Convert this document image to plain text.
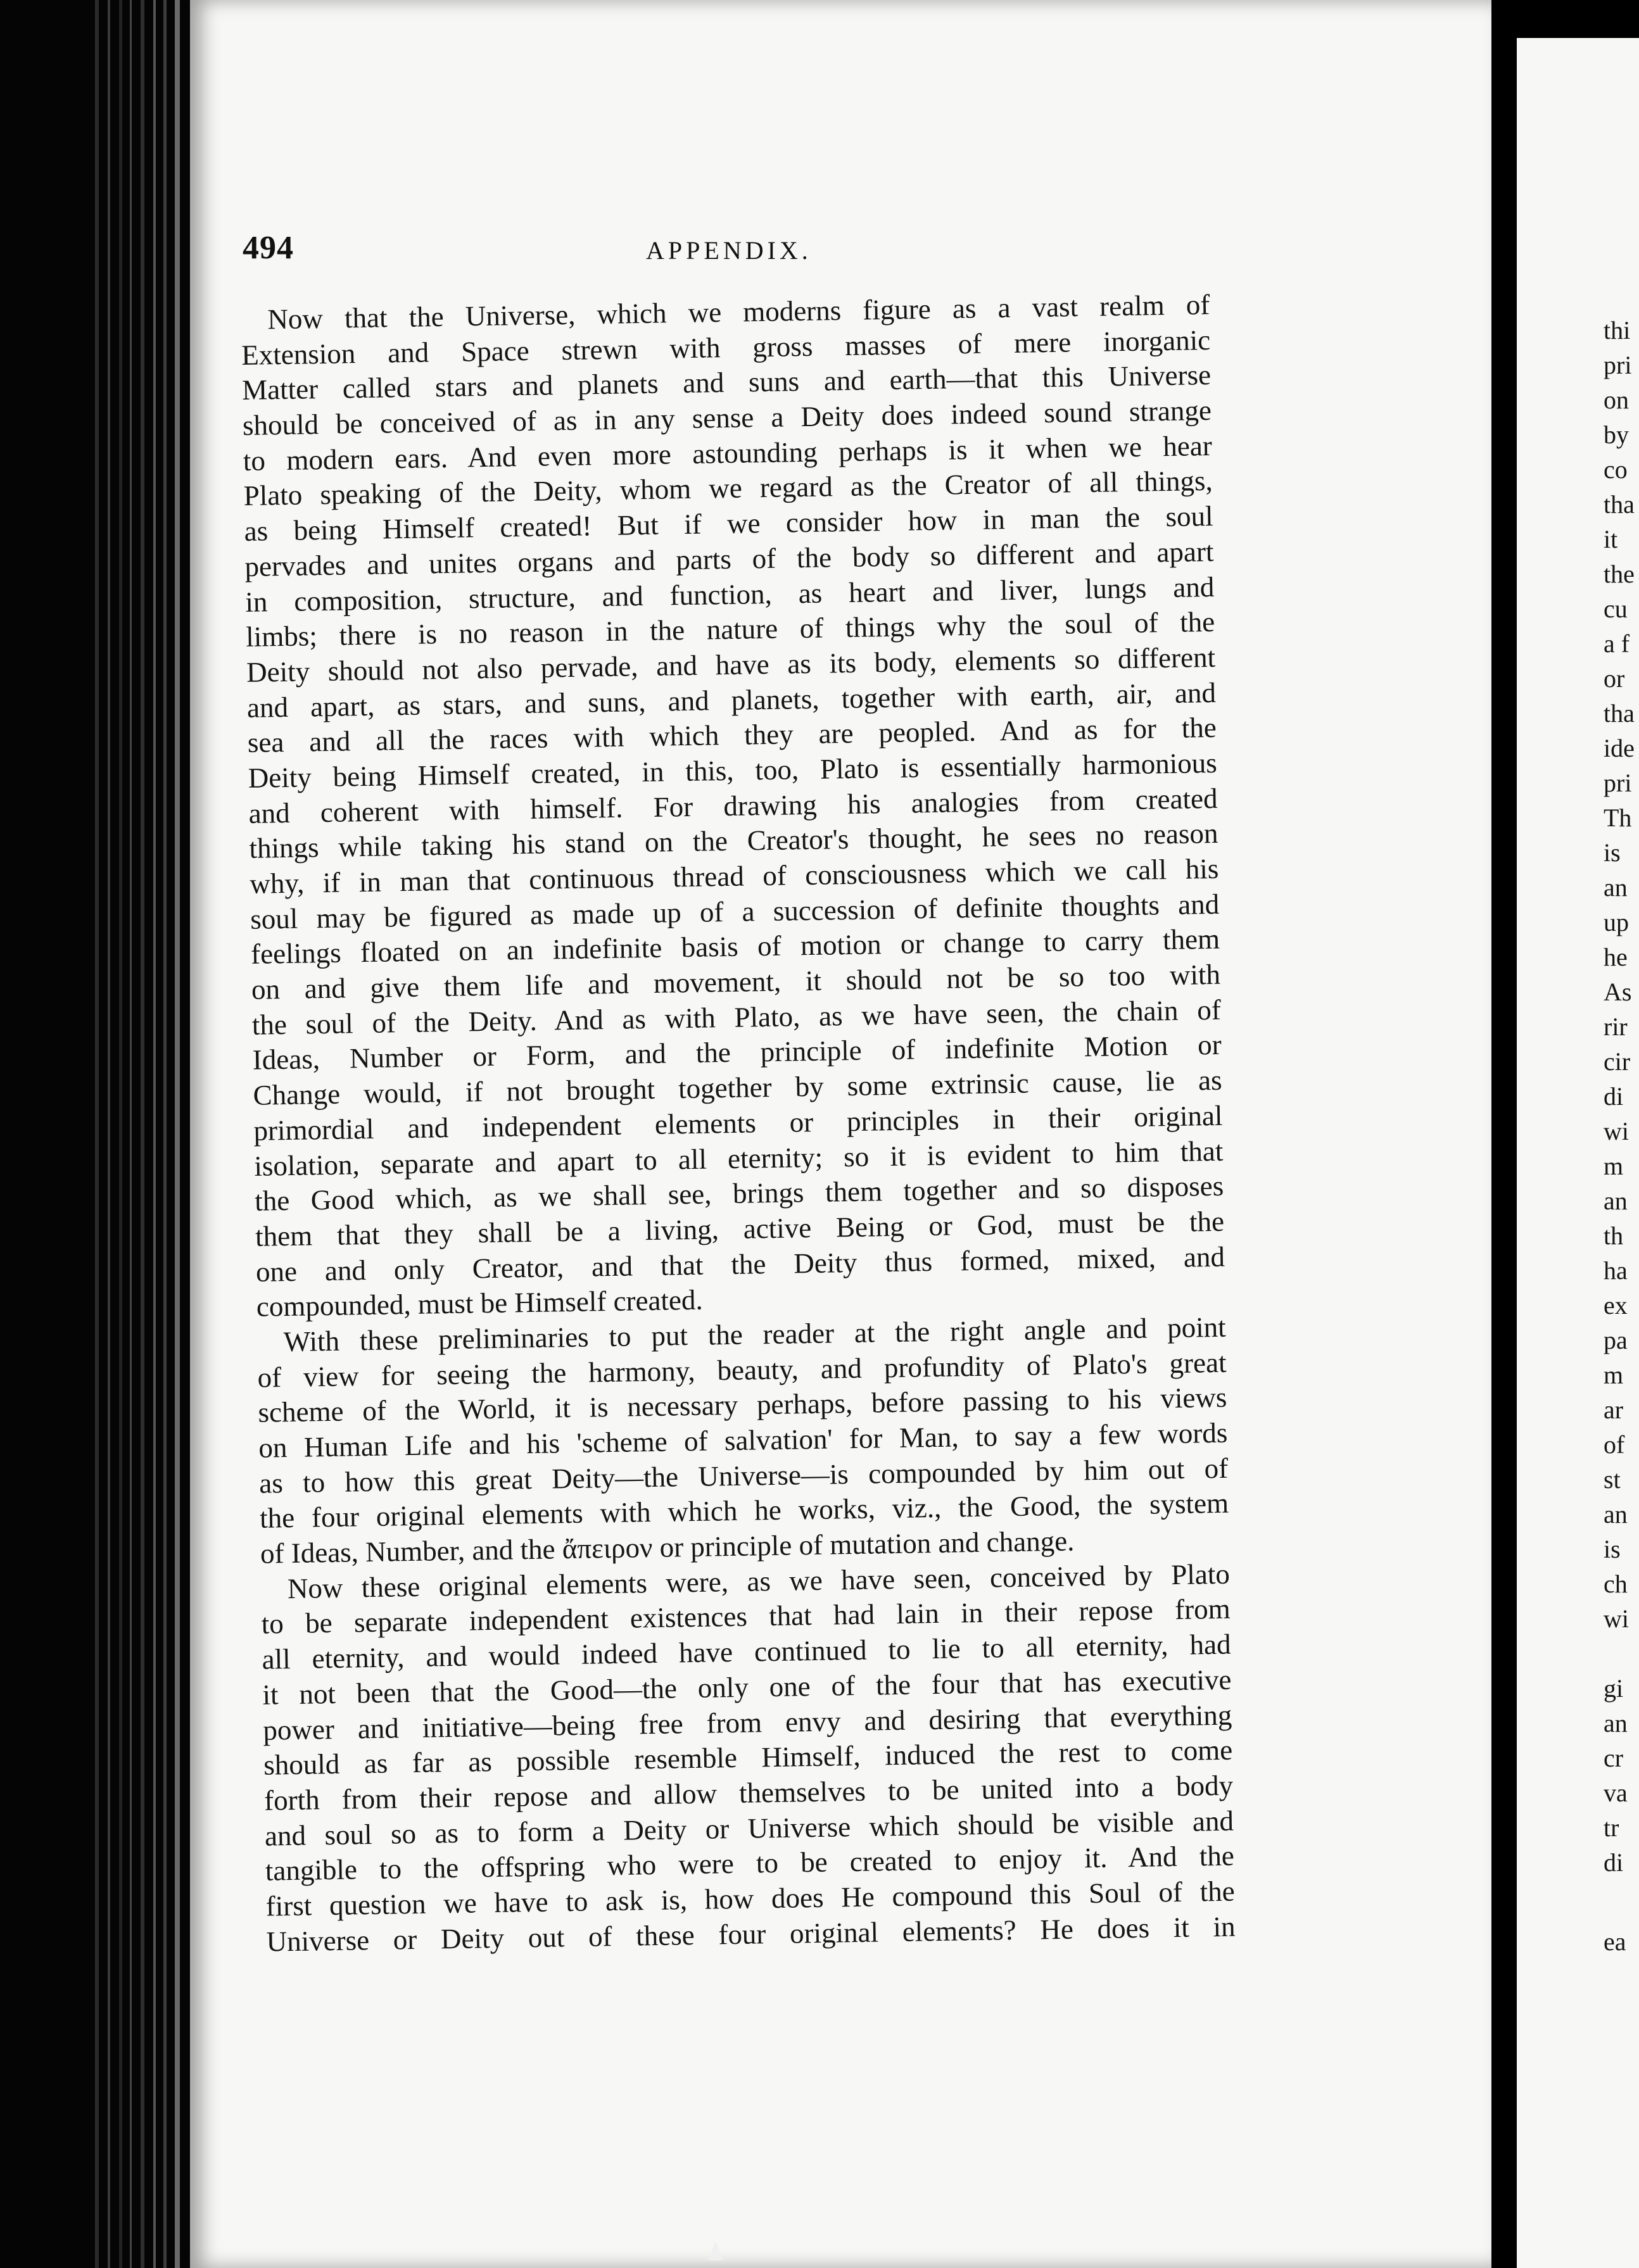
494	APPENDIX.
Now that the Universe, which we moderns figure as a vast realm of
Extension and Space strewn with gross masses of mere inorganic
Matter called stars and planets and suns and earth—that this Universe
should be conceived of as in any sense a Deity does indeed sound strange
to modern ears. And even more astounding perhaps is it when we hear
Plato speaking of the Deity, whom we regard as the Creator of all things,
as being Himself created! But if we consider how in man the soul
pervades and unites organs and parts of the body so different and apart
in composition, structure, and function, as heart and liver, lungs and
limbs; there is no reason in the nature of things why the soul of the
Deity should not also pervade, and have as its body, elements so different
and apart, as stars, and suns, and planets, together with earth, air, and
sea and all the races with which they are peopled. And as for the
Deity being Himself created, in this, too, Plato is essentially harmonious
and coherent with himself. For drawing his analogies from created
things while taking his stand on the Creator's thought, he sees no reason
why, if in man that continuous thread of consciousness which we call his
soul may be figured as made up of a succession of definite thoughts and
feelings floated on an indefinite basis of motion or change to carry them
on and give them life and movement, it should not be so too with
the soul of the Deity. And as with Plato, as we have seen, the chain of
Ideas, Number or Form, and the principle of indefinite Motion or
Change would, if not brought together by some extrinsic cause, lie as
primordial and independent elements or principles in their original
isolation, separate and apart to all eternity; so it is evident to him that
the Good which, as we shall see, brings them together and so disposes
them that they shall be a living, active Being or God, must be the
one and only Creator, and that the Deity thus formed, mixed, and
compounded, must be Himself created.
With these preliminaries to put the reader at the right angle and point
of view for seeing the harmony, beauty, and profundity of Plato's great
scheme of the World, it is necessary perhaps, before passing to his views
on Human Life and his 'scheme of salvation' for Man, to say a few words
as to how this great Deity—the Universe—is compounded by him out of
the four original elements with which he works, viz., the Good, the system
of Ideas, Number, and the ἄπειρον or principle of mutation and change.
Now these original elements were, as we have seen, conceived by Plato
to be separate independent existences that had lain in their repose from
all eternity, and would indeed have continued to lie to all eternity, had
it not been that the Good—the only one of the four that has executive
power and initiative—being free from envy and desiring that everything
should as far as possible resemble Himself, induced the rest to come
forth from their repose and allow themselves to be united into a body
and soul so as to form a Deity or Universe which should be visible and
tangible to the offspring who were to be created to enjoy it. And the
first question we have to ask is, how does He compound this Soul of the
Universe or Deity out of these four original elements? He does it in
thi
pri
on
by
co
tha
it
the
cu
a f
or
tha
ide
pri
Th
is
an
up
he
As
rir
cir
di
wi
m
an
th
ha
ex
pa
m
ar
of
st
an
is
ch
wi
gi
an
cr
va
tr
di
ea
